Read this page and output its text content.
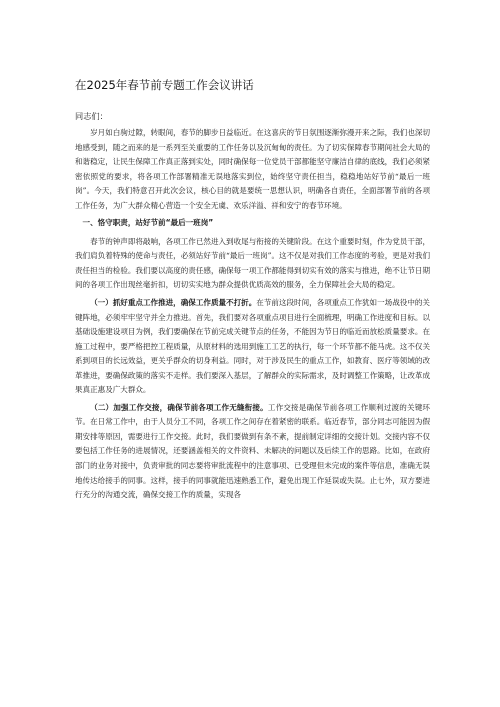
在2025年春节前专题工作会议讲话
同志们：

岁月如白驹过隙，转眼间，春节的脚步日益临近。在这喜庆的节日氛围逐渐弥漫开来之际，我们也深切地感受到，随之而来的是一系列至关重要的工作任务以及沉甸甸的责任。为了切实保障春节期间社会大局的和谐稳定，让民生保障工作真正落到实处，同时确保每一位党员干部都能坚守廉洁自律的底线，我们必须紧密依照党的要求，将各项工作部署精准无误地落实到位，始终坚守责任担当，稳稳地站好节前“最后一班岗”。今天，我们特意召开此次会议，核心目的就是要统一思想认识，明确各自责任，全面部署节前的各项工作任务，为广大群众精心营造一个安全无虞、欢乐洋溢、祥和安宁的春节环境。

一、恪守职责，站好节前“最后一班岗”

春节的钟声即将敲响，各项工作已然进入到收尾与衔接的关键阶段。在这个重要时刻，作为党员干部，我们肩负着特殊的使命与责任，必须站好节前“最后一班岗”。这不仅是对我们工作态度的考验，更是对我们责任担当的检验。我们要以高度的责任感，确保每一项工作都能得到切实有效的落实与推进，绝不让节日期间的各项工作出现丝毫折扣，切切实实地为群众提供优质高效的服务，全力保障社会大局的稳定。

（一）抓好重点工作推进，确保工作质量不打折。在节前这段时间，各项重点工作犹如一场战役中的关键阵地，必须牢牢坚守并全力推进。首先，我们要对各项重点项目进行全面梳理，明确工作进度和目标。以基础设施建设项目为例，我们要确保在节前完成关键节点的任务，不能因为节日的临近而放松质量要求。在施工过程中，要严格把控工程质量，从原材料的选用到施工工艺的执行，每一个环节都不能马虎。这不仅关系到项目的长远效益，更关乎群众的切身利益。同时，对于涉及民生的重点工作，如教育、医疗等领域的改革推进，要确保政策的落实不走样。我们要深入基层，了解群众的实际需求，及时调整工作策略，让改革成果真正惠及广大群众。

（二）加强工作交接，确保节前各项工作无缝衔接。工作交接是确保节前各项工作顺利过渡的关键环节。在日常工作中，由于人员分工不同，各项工作之间存在着紧密的联系。临近春节，部分同志可能因为假期安排等原因，需要进行工作交接。此时，我们要做到有条不紊，提前制定详细的交接计划。交接内容不仅要包括工作任务的进展情况，还要涵盖相关的文件资料、未解决的问题以及后续工作的思路。比如，在政府部门的业务对接中，负责审批的同志要将审批流程中的注意事项、已受理但未完成的案件等信息，准确无误地传达给接手的同事。这样，接手的同事就能迅速熟悉工作，避免出现工作延误或失误。止七外，双方要进行充分的沟通交流，确保交接工作的质量，实现各
